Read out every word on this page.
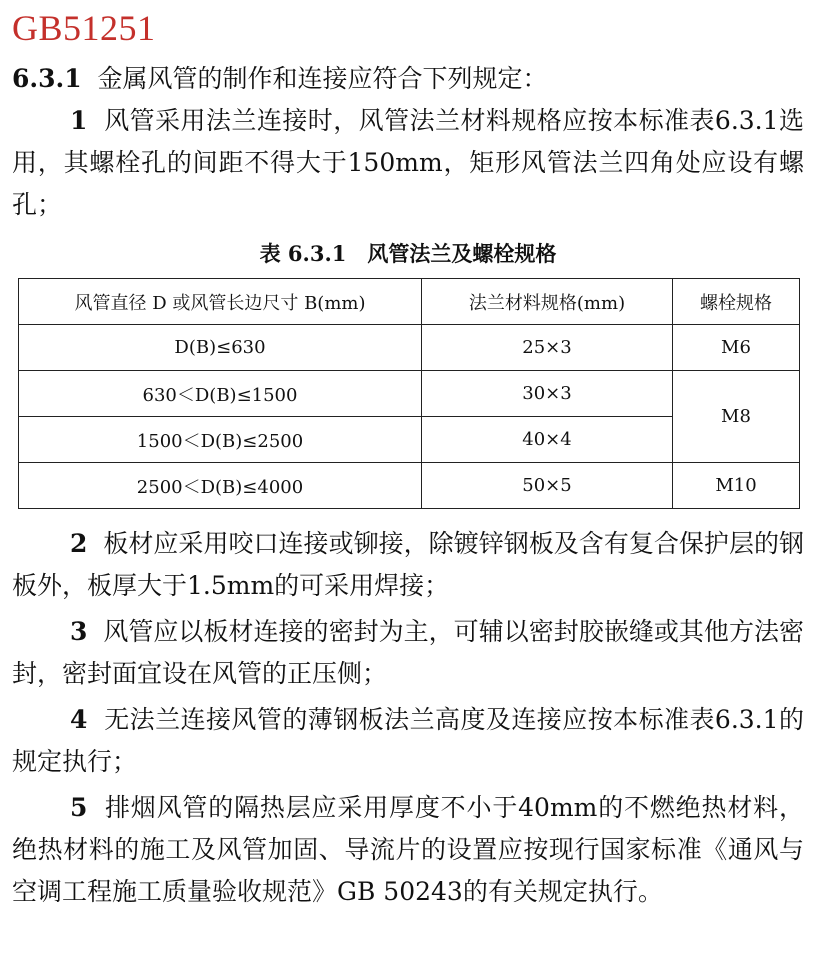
GB51251

6.3.1 金属风管的制作和连接应符合下列规定：

1 风管采用法兰连接时，风管法兰材料规格应按本标准表6.3.1选用，其螺栓孔的间距不得大于150mm，矩形风管法兰四角处应设有螺孔；

表 6.3.1　风管法兰及螺栓规格
风管直径 D 或风管长边尺寸 B(mm)	法兰材料规格(mm)	螺栓规格
D(B)≤630	25×3	M6
630＜D(B)≤1500	30×3	M8
1500＜D(B)≤2500	40×4	
2500＜D(B)≤4000	50×5	M10

2 板材应采用咬口连接或铆接，除镀锌钢板及含有复合保护层的钢板外，板厚大于1.5mm的可采用焊接；

3 风管应以板材连接的密封为主，可辅以密封胶嵌缝或其他方法密封，密封面宜设在风管的正压侧；

4 无法兰连接风管的薄钢板法兰高度及连接应按本标准表6.3.1的规定执行；

5 排烟风管的隔热层应采用厚度不小于40mm的不燃绝热材料，绝热材料的施工及风管加固、导流片的设置应按现行国家标准《通风与空调工程施工质量验收规范》GB 50243的有关规定执行。
